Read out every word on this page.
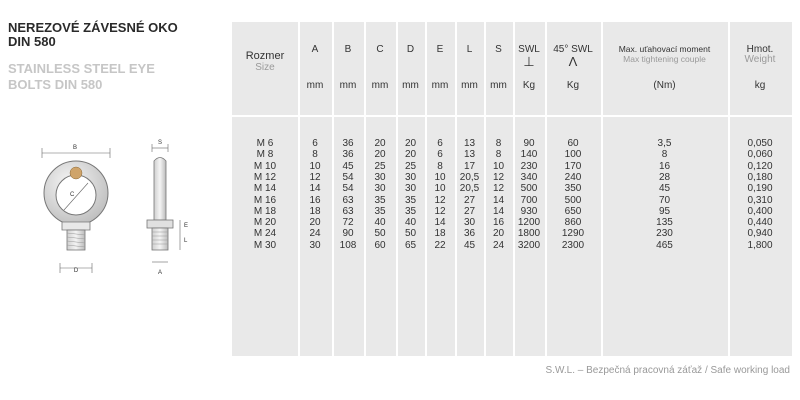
NEREZOVÉ ZÁVESNÉ OKO
DIN 580
STAINLESS STEEL EYE
BOLTS DIN 580
B
C
D
S
E
L
A
Rozmer
Size
A	B	C	D	E	L	S	SWL
⊥
45° SWL
Λ
Max. uťahovací moment
Max tightening couple
Hmot.
Weight
mm	mm	mm	mm	mm	mm	mm	Kg	Kg	(Nm)	kg
M 6	6	36	20	20	6	13	8	90	60	3,5	0,050
M 8	8	36	20	20	6	13	8	140	100	8	0,060
M 10	10	45	25	25	8	17	10	230	170	16	0,120
M 12	12	54	30	30	10	20,5	12	340	240	28	0,180
M 14	14	54	30	30	10	20,5	12	500	350	45	0,190
M 16	16	63	35	35	12	27	14	700	500	70	0,310
M 18	18	63	35	35	12	27	14	930	650	95	0,400
M 20	20	72	40	40	14	30	16	1200	860	135	0,440
M 24	24	90	50	50	18	36	20	1800	1290	230	0,940
M 30	30	108	60	65	22	45	24	3200	2300	465	1,800
S.W.L. – Bezpečná pracovná záťaž / Safe working load
